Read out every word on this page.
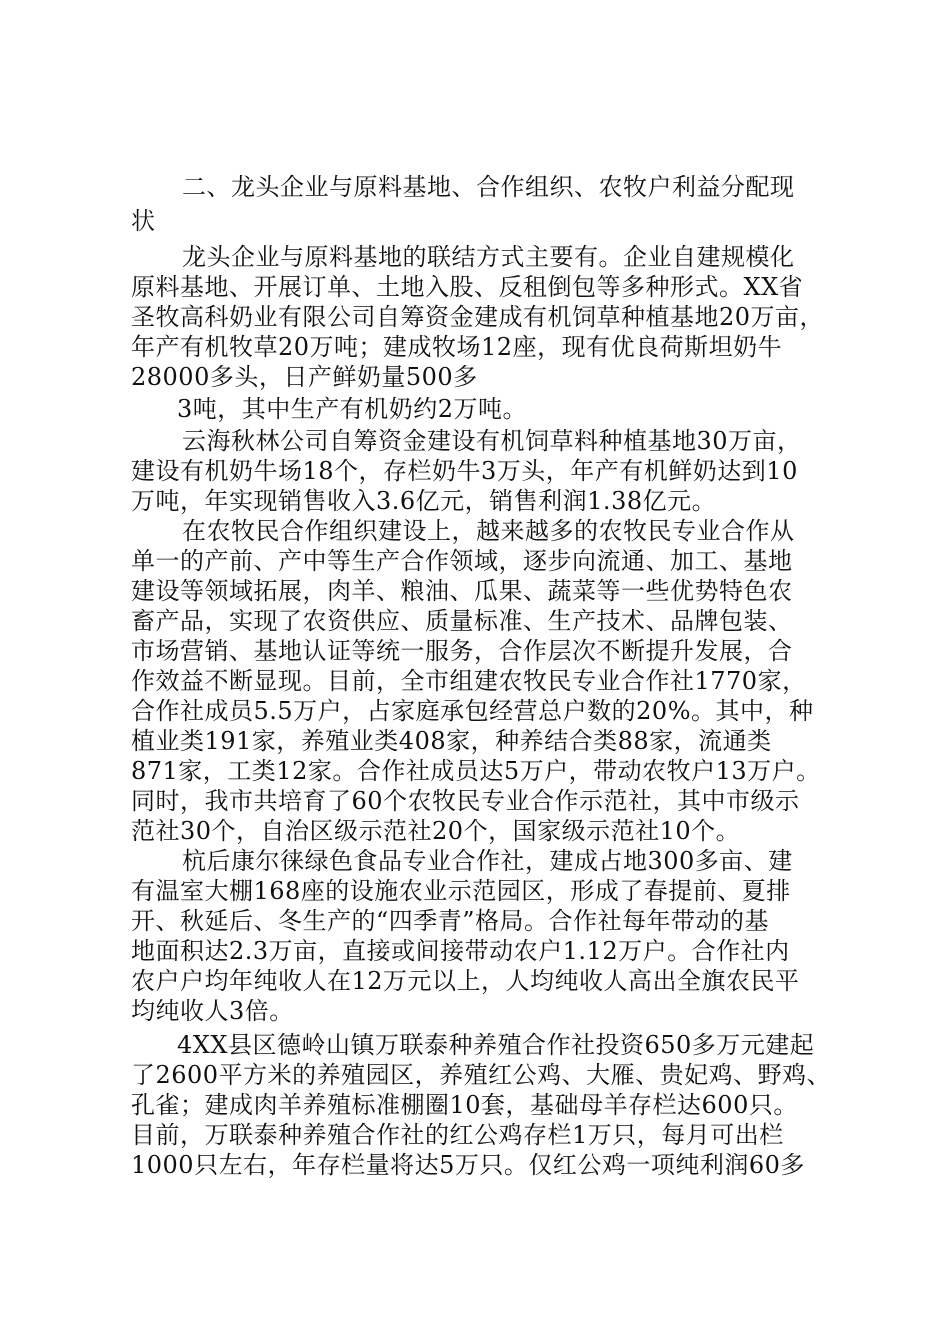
二、龙头企业与原料基地、合作组织、农牧户利益分配现

状

龙头企业与原料基地的联结方式主要有。企业自建规模化

原料基地、开展订单、土地入股、反租倒包等多种形式。XX省

圣牧高科奶业有限公司自筹资金建成有机饲草种植基地20万亩，

年产有机牧草20万吨；建成牧场12座，现有优良荷斯坦奶牛

28000多头，日产鲜奶量500多

3吨，其中生产有机奶约2万吨。

云海秋林公司自筹资金建设有机饲草料种植基地30万亩，

建设有机奶牛场18个，存栏奶牛3万头，年产有机鲜奶达到10

万吨，年实现销售收入3.6亿元，销售利润1.38亿元。

在农牧民合作组织建设上，越来越多的农牧民专业合作从

单一的产前、产中等生产合作领域，逐步向流通、加工、基地

建设等领域拓展，肉羊、粮油、瓜果、蔬菜等一些优势特色农

畜产品，实现了农资供应、质量标准、生产技术、品牌包装、

市场营销、基地认证等统一服务，合作层次不断提升发展，合

作效益不断显现。目前，全市组建农牧民专业合作社1770家，

合作社成员5.5万户，占家庭承包经营总户数的20%。其中，种

植业类191家，养殖业类408家，种养结合类88家，流通类

871家，工类12家。合作社成员达5万户，带动农牧户13万户。

同时，我市共培育了60个农牧民专业合作示范社，其中市级示

范社30个，自治区级示范社20个，国家级示范社10个。

杭后康尔徕绿色食品专业合作社，建成占地300多亩、建

有温室大棚168座的设施农业示范园区，形成了春提前、夏排

开、秋延后、冬生产的“四季青”格局。合作社每年带动的基

地面积达2.3万亩，直接或间接带动农户1.12万户。合作社内

农户户均年纯收人在12万元以上，人均纯收人高出全旗农民平

均纯收人3倍。

4XX县区德岭山镇万联泰种养殖合作社投资650多万元建起

了2600平方米的养殖园区，养殖红公鸡、大雁、贵妃鸡、野鸡、

孔雀；建成肉羊养殖标准棚圈10套，基础母羊存栏达600只。

目前，万联泰种养殖合作社的红公鸡存栏1万只，每月可出栏

1000只左右，年存栏量将达5万只。仅红公鸡一项纯利润60多
